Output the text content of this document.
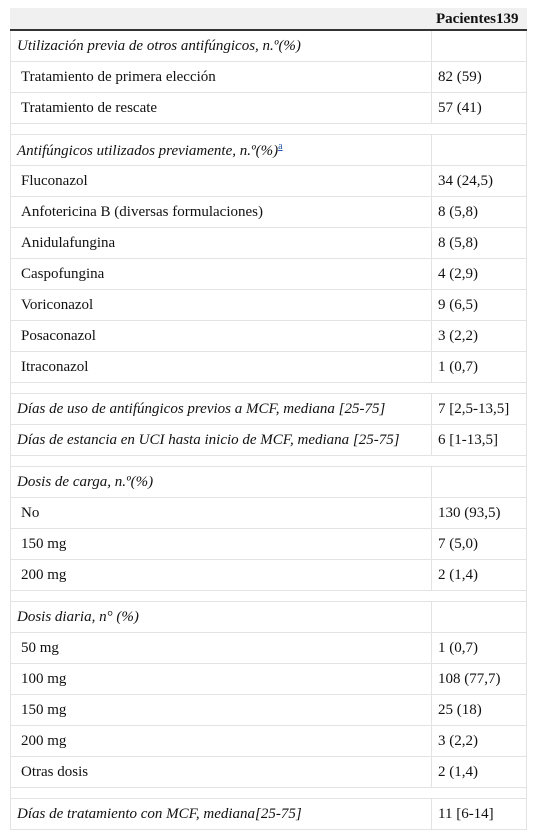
	Pacientes139
Utilización previa de otros antifúngicos, n.º(%)	
Tratamiento de primera elección	82 (59)
Tratamiento de rescate	57 (41)

Antifúngicos utilizados previamente, n.º(%)$^a$	
Fluconazol	34 (24,5)
Anfotericina B (diversas formulaciones)	8 (5,8)
Anidulafungina	8 (5,8)
Caspofungina	4 (2,9)
Voriconazol	9 (6,5)
Posaconazol	3 (2,2)
Itraconazol	1 (0,7)

Días de uso de antifúngicos previos a MCF, mediana [25-75]	7 [2,5-13,5]
Días de estancia en UCI hasta inicio de MCF, mediana [25-75]	6 [1-13,5]

Dosis de carga, n.º(%)	
No	130 (93,5)
150 mg	7 (5,0)
200 mg	2 (1,4)

Dosis diaria, n° (%)	
50 mg	1 (0,7)
100 mg	108 (77,7)
150 mg	25 (18)
200 mg	3 (2,2)
Otras dosis	2 (1,4)

Días de tratamiento con MCF, mediana[25-75]	11 [6-14]
